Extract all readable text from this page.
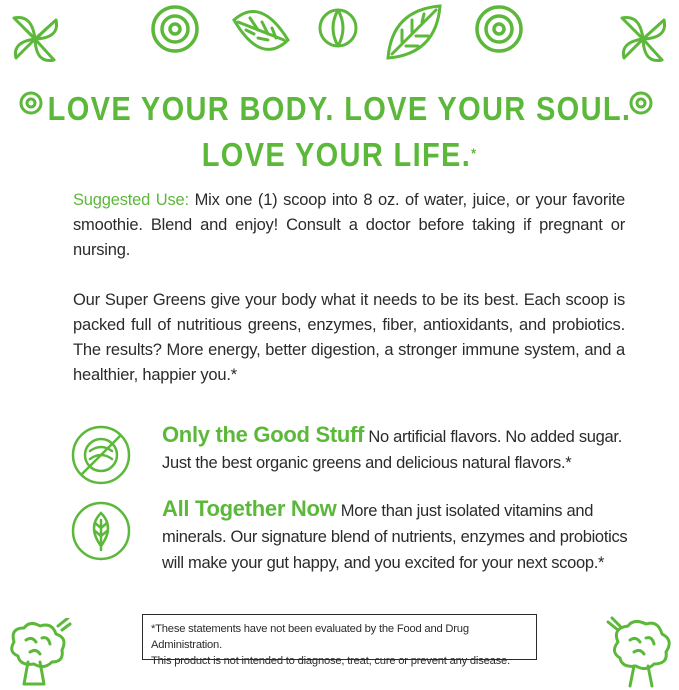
LOVE YOUR BODY. LOVE YOUR SOUL.
LOVE YOUR LIFE.*
Suggested Use: Mix one (1) scoop into 8 oz. of water, juice, or your favorite smoothie. Blend and enjoy! Consult a doctor before taking if pregnant or nursing.
Our Super Greens give your body what it needs to be its best. Each scoop is packed full of nutritious greens, enzymes, fiber, antioxidants, and probiotics. The results? More energy, better digestion, a stronger immune system, and a healthier, happier you.*
Only the Good Stuff No artificial flavors. No added sugar. Just the best organic greens and delicious natural flavors.*
All Together Now More than just isolated vitamins and minerals. Our signature blend of nutrients, enzymes and probiotics will make your gut happy, and you excited for your next scoop.*
*These statements have not been evaluated by the Food and Drug Administration.
This product is not intended to diagnose, treat, cure or prevent any disease.
